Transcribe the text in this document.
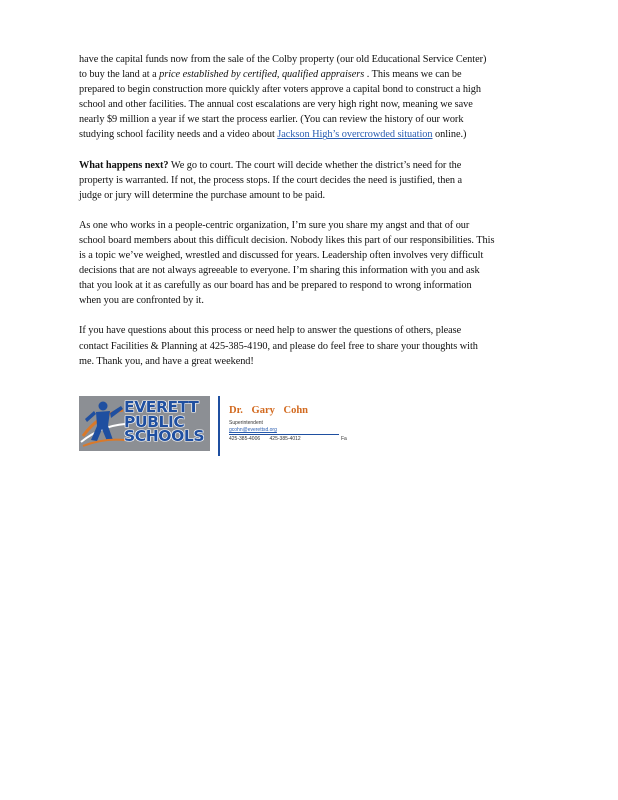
have the capital funds now from the sale of the Colby property (our old Educational Service Center)
to buy the land at a price established by certified, qualified appraisers . This means we can be
prepared to begin construction more quickly after voters approve a capital bond to construct a high
school and other facilities. The annual cost escalations are very high right now, meaning we save
nearly $9 million a year if we start the process earlier. (You can review the history of our work
studying school facility needs and a video about Jackson High’s overcrowded situation online.)

What happens next? We go to court. The court will decide whether the district’s need for the
property is warranted. If not, the process stops. If the court decides the need is justified, then a
judge or jury will determine the purchase amount to be paid.

As one who works in a people-centric organization, I’m sure you share my angst and that of our
school board members about this difficult decision. Nobody likes this part of our responsibilities. This
is a topic we’ve weighed, wrestled and discussed for years. Leadership often involves very difficult
decisions that are not always agreeable to everyone. I’m sharing this information with you and ask
that you look at it as carefully as our board has and be prepared to respond to wrong information
when you are confronted by it.

If you have questions about this process or need help to answer the questions of others, please
contact Facilities & Planning at 425-385-4190, and please do feel free to share your thoughts with
me. Thank you, and have a great weekend!

EVERETT
PUBLIC
SCHOOLS
Dr. Gary Cohn
Superintendent
gcohn@everettsd.org
425-385-4006 425-385-4012	Fa
